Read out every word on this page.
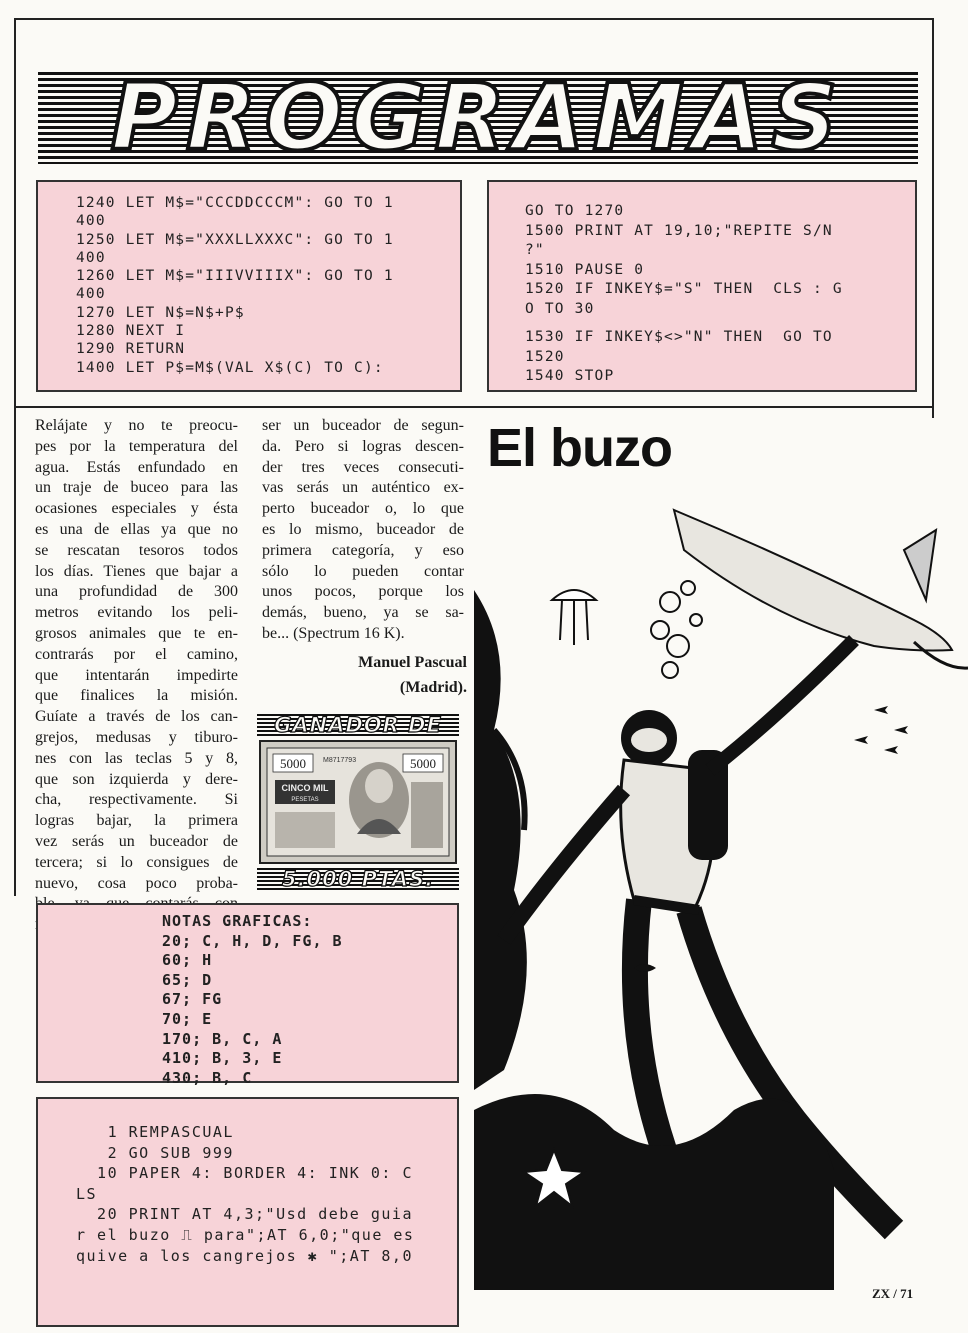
PROGRAMAS
1240 LET M$="CCCDDCCCM": GO TO 1
400
1250 LET M$="XXXLLXXXC": GO TO 1
400
1260 LET M$="IIIVVIIIX": GO TO 1
400
1270 LET N$=N$+P$
1280 NEXT I
1290 RETURN
1400 LET P$=M$(VAL X$(C) TO C):
GO TO 1270
1500 PRINT AT 19,10;"REPITE S/N
?"
1510 PAUSE 0
1520 IF INKEY$="S" THEN  CLS : G
O TO 30
1530 IF INKEY$<>"N" THEN  GO TO
1520
1540 STOP
Relájate y no te preocu-
pes por la temperatura del
agua. Estás enfundado en
un traje de buceo para las
ocasiones especiales y ésta
es una de ellas ya que no
se rescatan tesoros todos
los días. Tienes que bajar a
una profundidad de 300
metros evitando los peli-
grosos animales que te en-
contrarás por el camino,
que intentarán impedirte
que finalices la misión.
Guíate a través de los can-
grejos, medusas y tiburo-
nes con las teclas 5 y 8,
que son izquierda y dere-
cha, respectivamente. Si
logras bajar, la primera
vez serás un buceador de
tercera; si lo consigues de
nuevo, cosa poco proba-
ser un buceador de segun-
da. Pero si logras descen-
der tres veces consecuti-
vas serás un auténtico ex-
perto buceador o, lo que
es lo mismo, buceador de
primera categoría, y eso
sólo lo pueden contar
unos pocos, porque los
demás, bueno, ya se sa-
be... (Spectrum 16 K).
Manuel Pascual
(Madrid).
GANADOR DE
5000	5000
M8717793
CINCO MIL
PESETAS
5.000 PTAS.
El buzo
NOTAS GRAFICAS:
20; C, H, D, FG, B
60; H
65; D
67; FG
70; E
170; B, C, A
410; B, 3, E
430; B, C
1 REMPASCUAL
2 GO SUB 999
10 PAPER 4: BORDER 4: INK 0: C
LS
20 PRINT AT 4,3;"Usd debe guia
r el buzo ⎍ para";AT 6,0;"que es
quive a los cangrejos ✱ ";AT 8,0
ZX / 71
